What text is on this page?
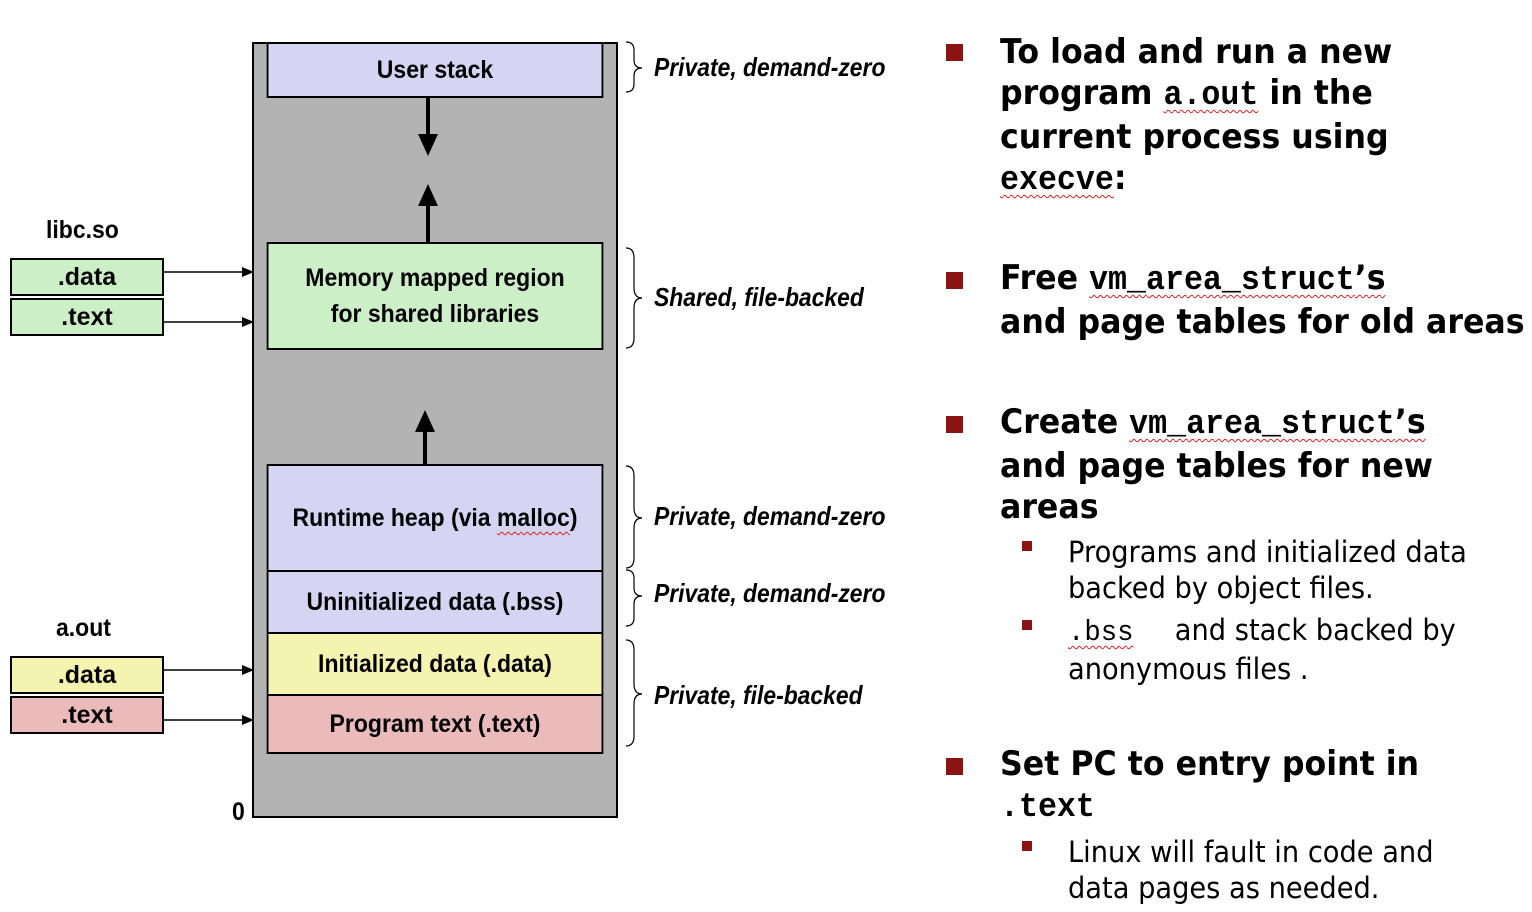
User stack
Memory mapped region
for shared libraries
Runtime heap (via malloc)
Uninitialized data (.bss)
Initialized data (.data)
Program text (.text)
0
Private, demand-zero
Shared, file-backed
Private, demand-zero
Private, demand-zero
Private, file-backed
libc.so
.data
.text
a.out
.data
.text
To load and run a new
program a.out in the
current process using
execve:
Free vm_area_struct’s
and page tables for old areas
Create vm_area_struct’s
and page tables for new
areas
Programs and initialized data
backed by object files.
.bss and stack backed by
anonymous files .
Set PC to entry point in
.text
Linux will fault in code and
data pages as needed.
